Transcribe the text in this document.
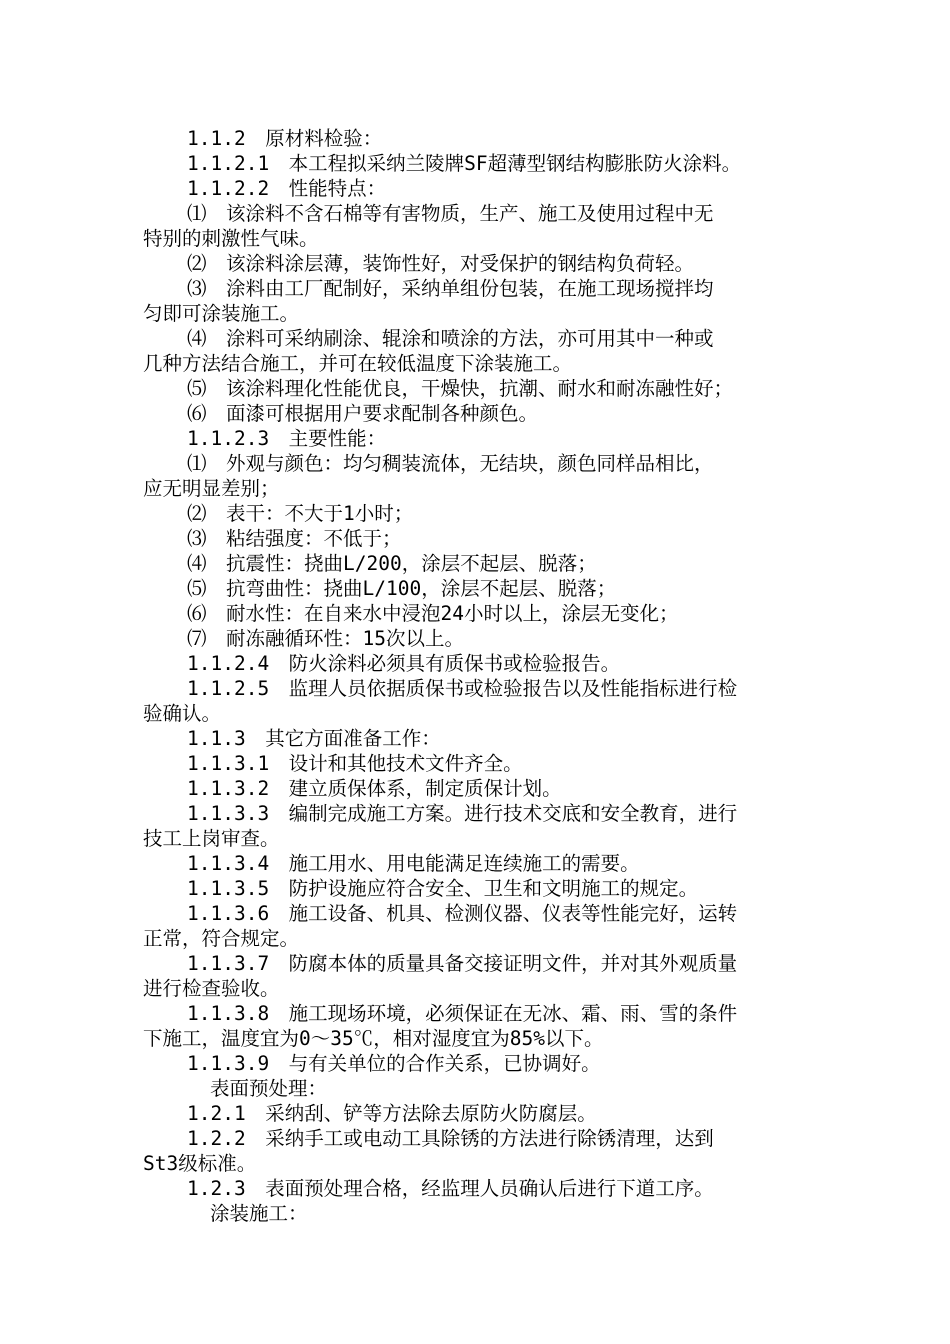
1.1.2　原材料检验：
1.1.2.1　本工程拟采纳兰陵牌SF超薄型钢结构膨胀防火涂料。
1.1.2.2　性能特点：
⑴　该涂料不含石棉等有害物质，生产、施工及使用过程中无
特别的刺激性气味。
⑵　该涂料涂层薄，装饰性好，对受保护的钢结构负荷轻。
⑶　涂料由工厂配制好，采纳单组份包装，在施工现场搅拌均
匀即可涂装施工。
⑷　涂料可采纳刷涂、辊涂和喷涂的方法，亦可用其中一种或
几种方法结合施工，并可在较低温度下涂装施工。
⑸　该涂料理化性能优良，干燥快，抗潮、耐水和耐冻融性好；
⑹　面漆可根据用户要求配制各种颜色。
1.1.2.3　主要性能：
⑴　外观与颜色：均匀稠装流体，无结块，颜色同样品相比，
应无明显差别；
⑵　表干：不大于1小时；
⑶　粘结强度：不低于；
⑷　抗震性：挠曲L/200，涂层不起层、脱落；
⑸　抗弯曲性：挠曲L/100，涂层不起层、脱落；
⑹　耐水性：在自来水中浸泡24小时以上，涂层无变化；
⑺　耐冻融循环性：15次以上。
1.1.2.4　防火涂料必须具有质保书或检验报告。
1.1.2.5　监理人员依据质保书或检验报告以及性能指标进行检
验确认。
1.1.3　其它方面准备工作：
1.1.3.1　设计和其他技术文件齐全。
1.1.3.2　建立质保体系，制定质保计划。
1.1.3.3　编制完成施工方案。进行技术交底和安全教育，进行
技工上岗审查。
1.1.3.4　施工用水、用电能满足连续施工的需要。
1.1.3.5　防护设施应符合安全、卫生和文明施工的规定。
1.1.3.6　施工设备、机具、检测仪器、仪表等性能完好，运转
正常，符合规定。
1.1.3.7　防腐本体的质量具备交接证明文件，并对其外观质量
进行检查验收。
1.1.3.8　施工现场环境，必须保证在无冰、霜、雨、雪的条件
下施工，温度宜为0～35℃，相对湿度宜为85%以下。
1.1.3.9　与有关单位的合作关系，已协调好。
表面预处理：
1.2.1　采纳刮、铲等方法除去原防火防腐层。
1.2.2　采纳手工或电动工具除锈的方法进行除锈清理，达到
St3级标准。
1.2.3　表面预处理合格，经监理人员确认后进行下道工序。
涂装施工：
